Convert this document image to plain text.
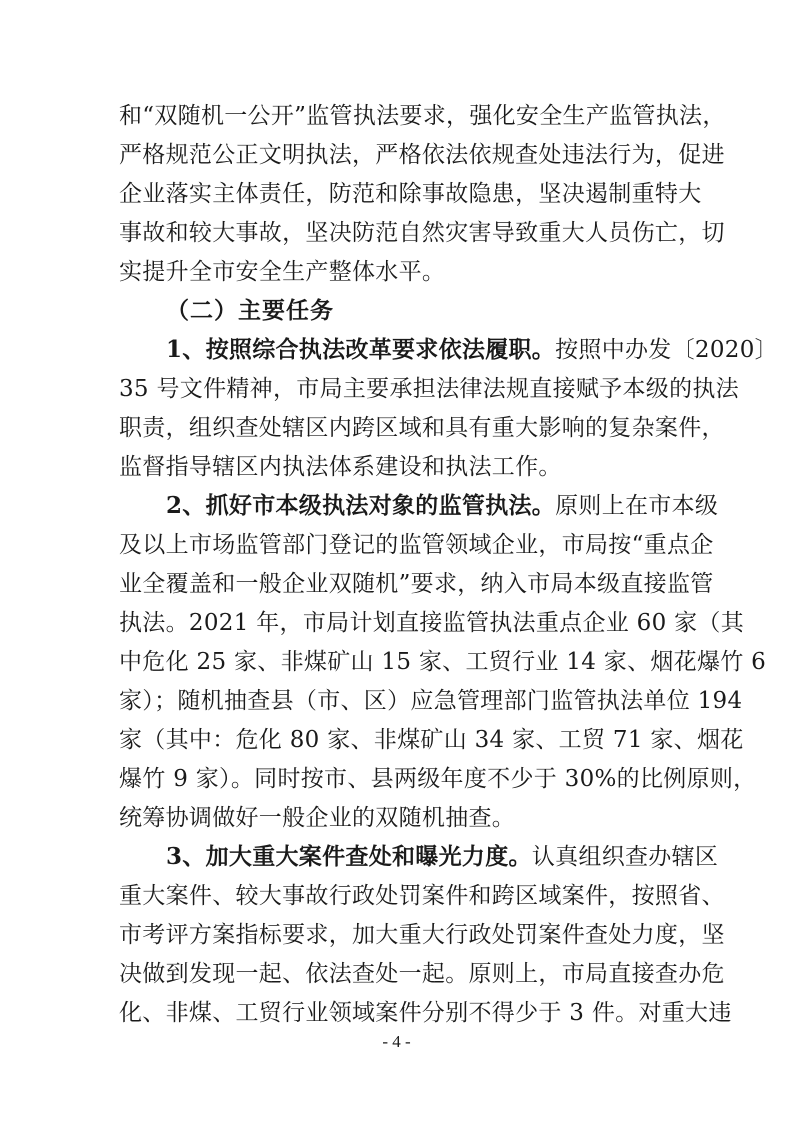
和“双随机一公开”监管执法要求，强化安全生产监管执法，
严格规范公正文明执法，严格依法依规查处违法行为，促进
企业落实主体责任，防范和除事故隐患，坚决遏制重特大
事故和较大事故，坚决防范自然灾害导致重大人员伤亡，切
实提升全市安全生产整体水平。
（二）主要任务
1、按照综合执法改革要求依法履职。按照中办发〔2020〕
35 号文件精神，市局主要承担法律法规直接赋予本级的执法
职责，组织查处辖区内跨区域和具有重大影响的复杂案件，
监督指导辖区内执法体系建设和执法工作。
2、抓好市本级执法对象的监管执法。原则上在市本级
及以上市场监管部门登记的监管领域企业，市局按“重点企
业全覆盖和一般企业双随机”要求，纳入市局本级直接监管
执法。2021 年，市局计划直接监管执法重点企业 60 家（其
中危化 25 家、非煤矿山 15 家、工贸行业 14 家、烟花爆竹 6
家）；随机抽查县（市、区）应急管理部门监管执法单位 194
家（其中：危化 80 家、非煤矿山 34 家、工贸 71 家、烟花
爆竹 9 家）。同时按市、县两级年度不少于 30%的比例原则，
统筹协调做好一般企业的双随机抽查。
3、加大重大案件查处和曝光力度。认真组织查办辖区
重大案件、较大事故行政处罚案件和跨区域案件，按照省、
市考评方案指标要求，加大重大行政处罚案件查处力度，坚
决做到发现一起、依法查处一起。原则上，市局直接查办危
化、非煤、工贸行业领域案件分别不得少于 3 件。对重大违
- 4 -
